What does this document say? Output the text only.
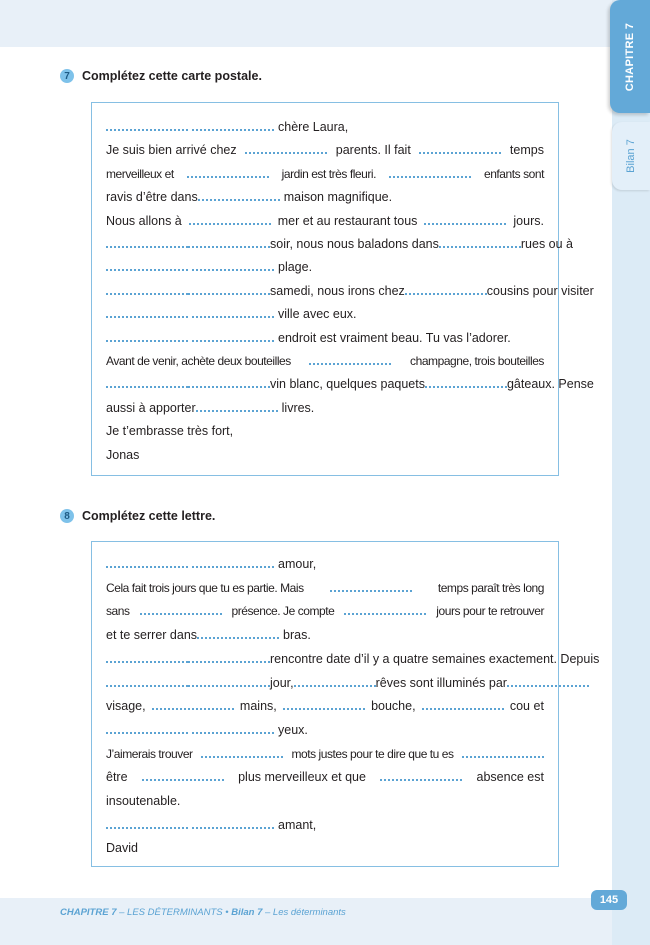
CHAPITRE 7
Bilan 7
7 Complétez cette carte postale.
chère Laura,
Je suis bien arrivé chez	parents. Il fait	temps
merveilleux et	jardin est très fleuri.	enfants sont
ravis d’être dans	maison magnifique.
Nous allons à	mer et au restaurant tous	jours.
soir, nous nous baladons dans	rues ou à
plage.
samedi, nous irons chez	cousins pour visiter
ville avec eux.
endroit est vraiment beau. Tu vas l’adorer.
Avant de venir, achète deux bouteilles	champagne, trois bouteilles
vin blanc, quelques paquets	gâteaux. Pense
aussi à apporter	livres.
Je t’embrasse très fort,
Jonas
8 Complétez cette lettre.
amour,
Cela fait trois jours que tu es partie. Mais	temps paraît très long
sans	présence. Je compte	jours pour te retrouver
et te serrer dans	bras.
rencontre date d’il y a quatre semaines exactement. Depuis
jour,	rêves sont illuminés par
visage,	mains,	bouche,	cou et
yeux.
J’aimerais trouver	mots justes pour te dire que tu es
être	plus merveilleux et que	absence est
insoutenable.
amant,
David
CHAPITRE 7 – LES DÉTERMINANTS • Bilan 7 – Les déterminants
145
